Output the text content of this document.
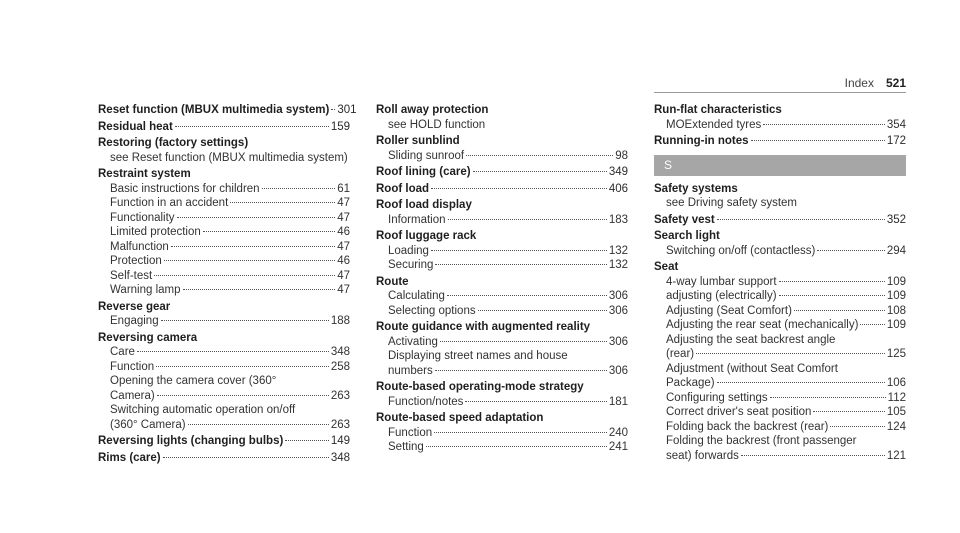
Index 521
Reset function (MBUX multimedia system) 301
Residual heat	159
Restoring (factory settings)
see Reset function (MBUX multimedia system)
Restraint system
Basic instructions for children	61
Function in an accident	47
Functionality	47
Limited protection	46
Malfunction	47
Protection	46
Self-test	47
Warning lamp	47
Reverse gear
Engaging	188
Reversing camera
Care	348
Function	258
Opening the camera cover (360°
Camera)	263
Switching automatic operation on/off
(360° Camera)	263
Reversing lights (changing bulbs)	149
Rims (care)	348
Roll away protection
see HOLD function
Roller sunblind
Sliding sunroof	98
Roof lining (care)	349
Roof load	406
Roof load display
Information	183
Roof luggage rack
Loading	132
Securing	132
Route
Calculating	306
Selecting options	306
Route guidance with augmented reality
Activating	306
Displaying street names and house
numbers	306
Route-based operating-mode strategy
Function/notes	181
Route-based speed adaptation
Function	240
Setting	241
Run-flat characteristics
MOExtended tyres	354
Running-in notes	172
S
Safety systems
see Driving safety system
Safety vest	352
Search light
Switching on/off (contactless)	294
Seat
4-way lumbar support	109
adjusting (electrically)	109
Adjusting (Seat Comfort)	108
Adjusting the rear seat (mechanically) 109
Adjusting the seat backrest angle
(rear)	125
Adjustment (without Seat Comfort
Package)	106
Configuring settings	112
Correct driver's seat position	105
Folding back the backrest (rear)	124
Folding the backrest (front passenger
seat) forwards	121
